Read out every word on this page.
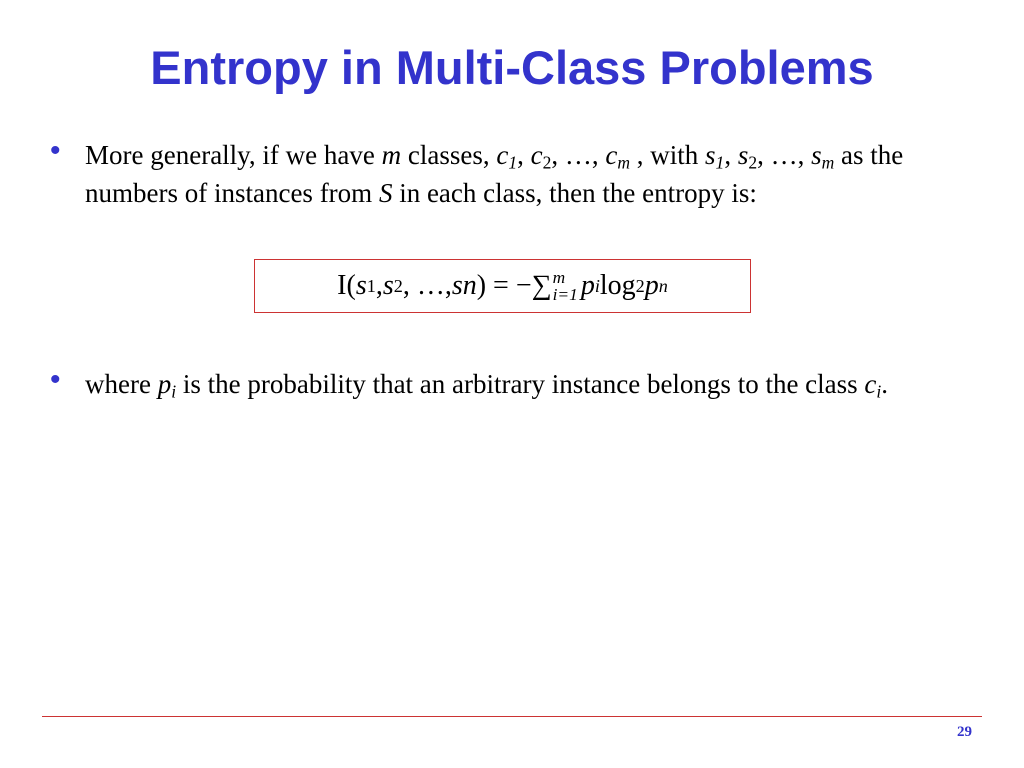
Entropy in Multi-Class Problems
• More generally, if we have m classes, $c_1$, $c_2$, …, $c_m$ , with $s_1$, $s_2$, …, $s_m$ as the numbers of instances from S in each class, then the entropy is:
I( s 1 , s 2 , …, sn ) = − ∑ m
i=1 p i log 2 p n
• where $p_i$ is the probability that an arbitrary instance belongs to the class $c_i$.
29
